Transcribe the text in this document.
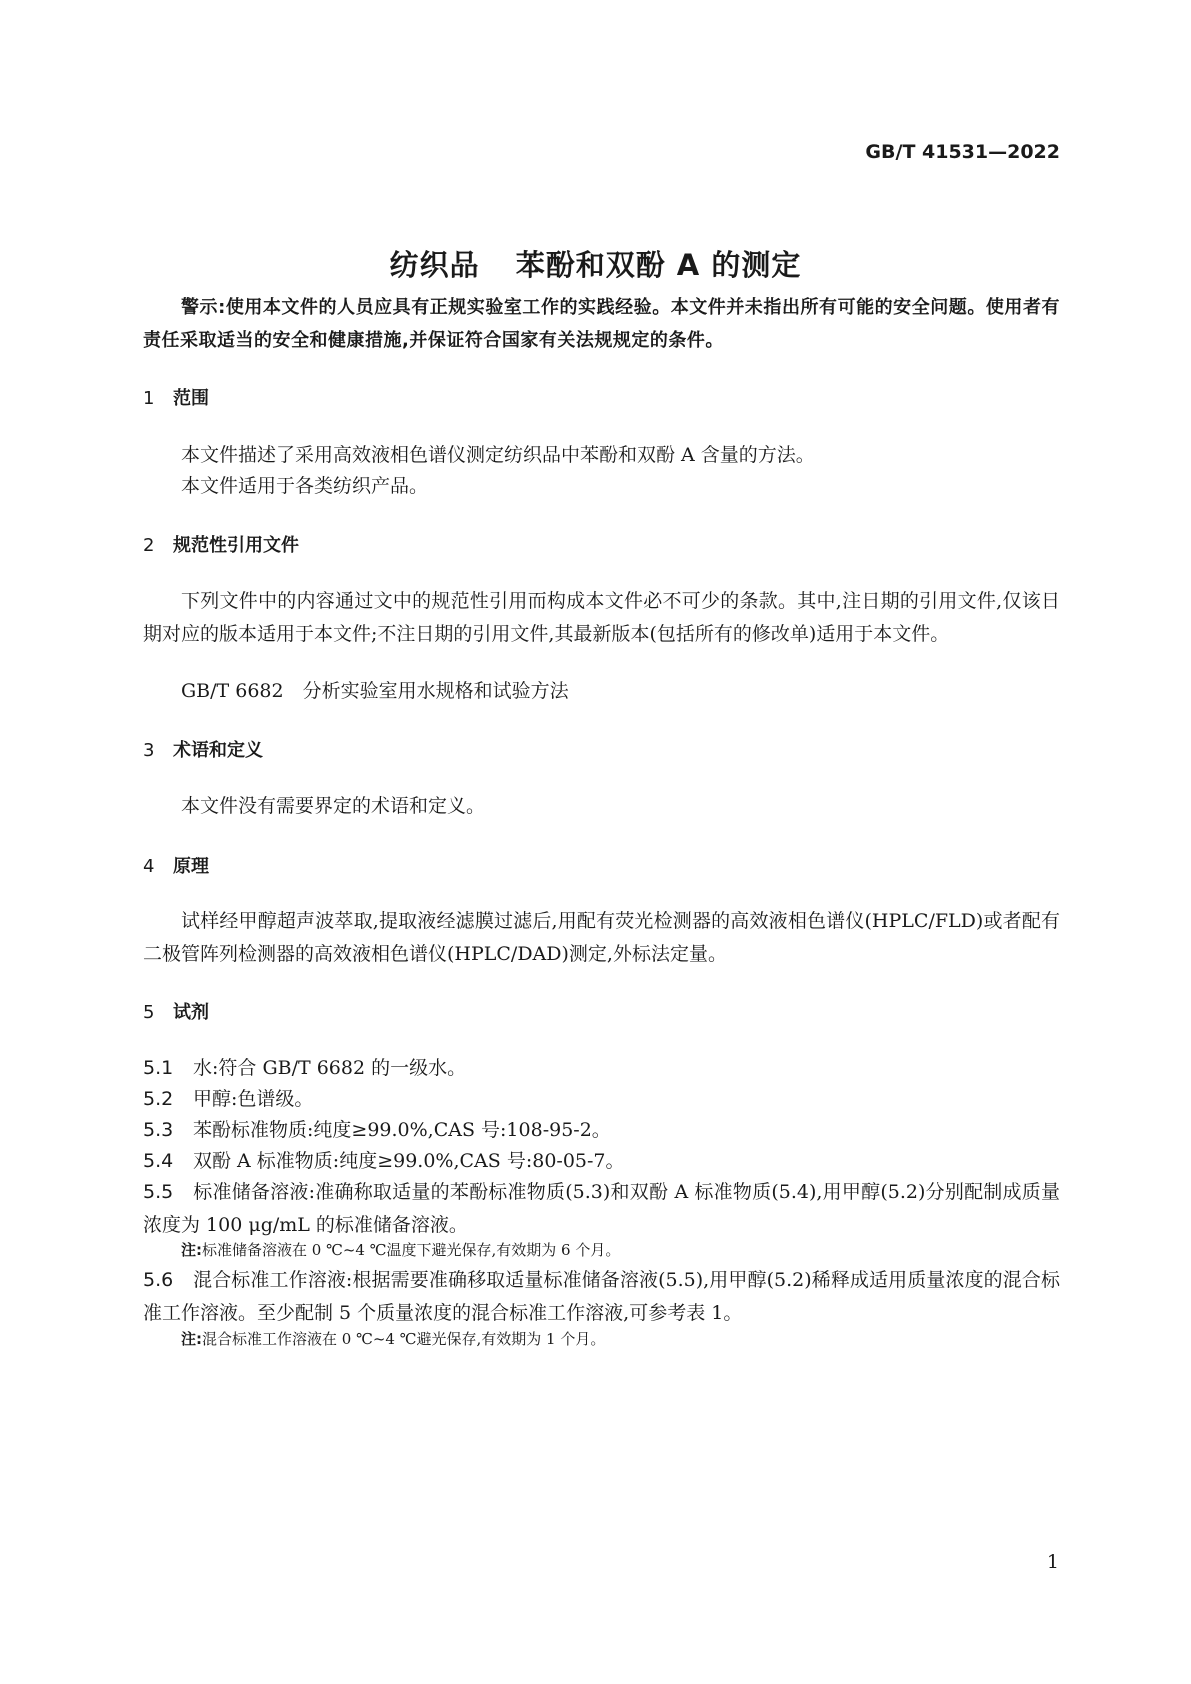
GB/T 41531—2022
纺织品 苯酚和双酚 A 的测定
警示:使用本文件的人员应具有正规实验室工作的实践经验。本文件并未指出所有可能的安全问题。使用者有责任采取适当的安全和健康措施,并保证符合国家有关法规规定的条件。
1 范围
本文件描述了采用高效液相色谱仪测定纺织品中苯酚和双酚 A 含量的方法。
本文件适用于各类纺织产品。
2 规范性引用文件
下列文件中的内容通过文中的规范性引用而构成本文件必不可少的条款。其中,注日期的引用文件,仅该日期对应的版本适用于本文件;不注日期的引用文件,其最新版本(包括所有的修改单)适用于本文件。
GB/T 6682　分析实验室用水规格和试验方法
3 术语和定义
本文件没有需要界定的术语和定义。
4 原理
试样经甲醇超声波萃取,提取液经滤膜过滤后,用配有荧光检测器的高效液相色谱仪(HPLC/FLD)或者配有二极管阵列检测器的高效液相色谱仪(HPLC/DAD)测定,外标法定量。
5 试剂
5.1 水:符合 GB/T 6682 的一级水。
5.2 甲醇:色谱级。
5.3 苯酚标准物质:纯度≥99.0%,CAS 号:108-95-2。
5.4 双酚 A 标准物质:纯度≥99.0%,CAS 号:80-05-7。
5.5 标准储备溶液:准确称取适量的苯酚标准物质(5.3)和双酚 A 标准物质(5.4),用甲醇(5.2)分别配制成质量浓度为 100 μg/mL 的标准储备溶液。
注:标准储备溶液在 0 ℃~4 ℃温度下避光保存,有效期为 6 个月。
5.6 混合标准工作溶液:根据需要准确移取适量标准储备溶液(5.5),用甲醇(5.2)稀释成适用质量浓度的混合标准工作溶液。至少配制 5 个质量浓度的混合标准工作溶液,可参考表 1。
注:混合标准工作溶液在 0 ℃~4 ℃避光保存,有效期为 1 个月。
1
